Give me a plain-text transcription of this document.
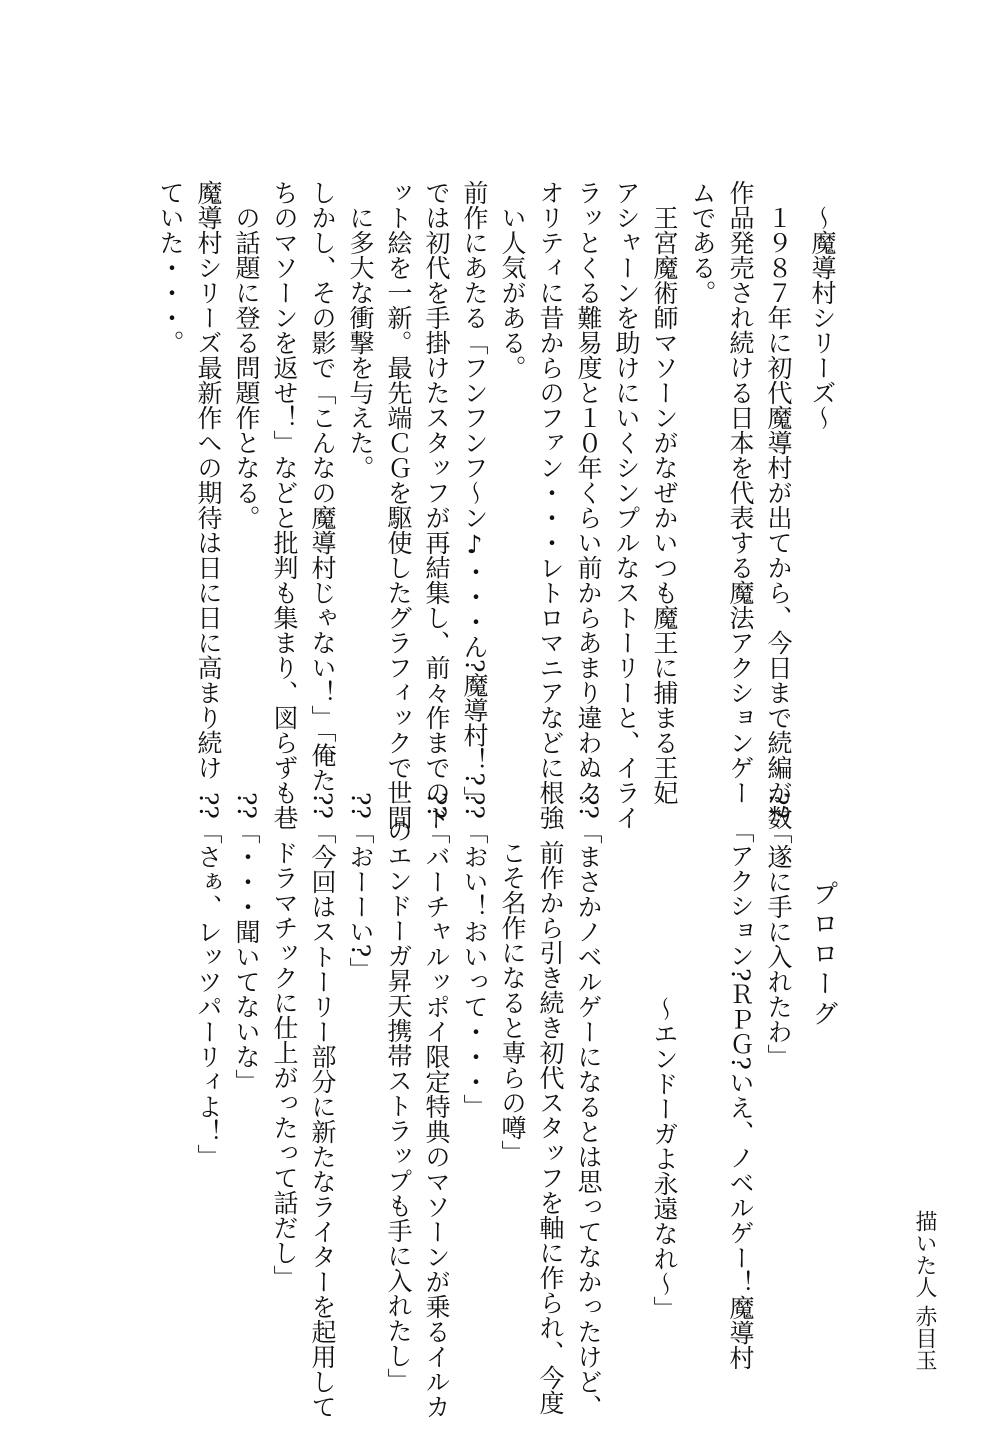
〜魔導村シリーズ〜
１９８７年に初代魔導村が出てから、今日まで続編が数
作品発売され続ける日本を代表する魔法アクションゲー
ムである。
王宮魔術師マソーンがなぜかいつも魔王に捕まる王妃
アシャーンを助けにいくシンプルなストーリーと、イライ
ラッとくる難易度と１０年くらい前からあまり違わぬク
オリティに昔からのファン・・・レトロマニアなどに根強
い人気がある。
前作にあたる「フンフンフ〜ン♪・・・ん?魔導村！?」
では初代を手掛けたスタッフが再結集し、前々作までのド
ット絵を一新。最先端ＣＧを駆使したグラフィックで世間
に多大な衝撃を与えた。
しかし、その影で「こんなの魔導村じゃない！」「俺た
ちのマソーンを返せ！」などと批判も集まり、図らずも巷
の話題に登る問題作となる。
魔導村シリーズ最新作への期待は日に日に高まり続け
ていた・・・。
プロローグ
??「遂に手に入れたわ」
「アクション?ＲＰＧ?いえ、ノベルゲー！魔導村
〜エンドーガよ永遠なれ〜」
??「まさかノベルゲーになるとは思ってなかったけど、
前作から引き続き初代スタッフを軸に作られ、今度
こそ名作になると専らの噂」
??「おい！おいって・・・」
??「バーチャルッポイ限定特典のマソーンが乗るイルカ
のエンドーガ昇天携帯ストラップも手に入れたし」
??「おーーい?」
??「今回はストーリー部分に新たなライターを起用して
ドラマチックに仕上がったって話だし」
??「・・・聞いてないな」
??「さぁ、レッツパーリィよ！」
描いた人 赤目玉
